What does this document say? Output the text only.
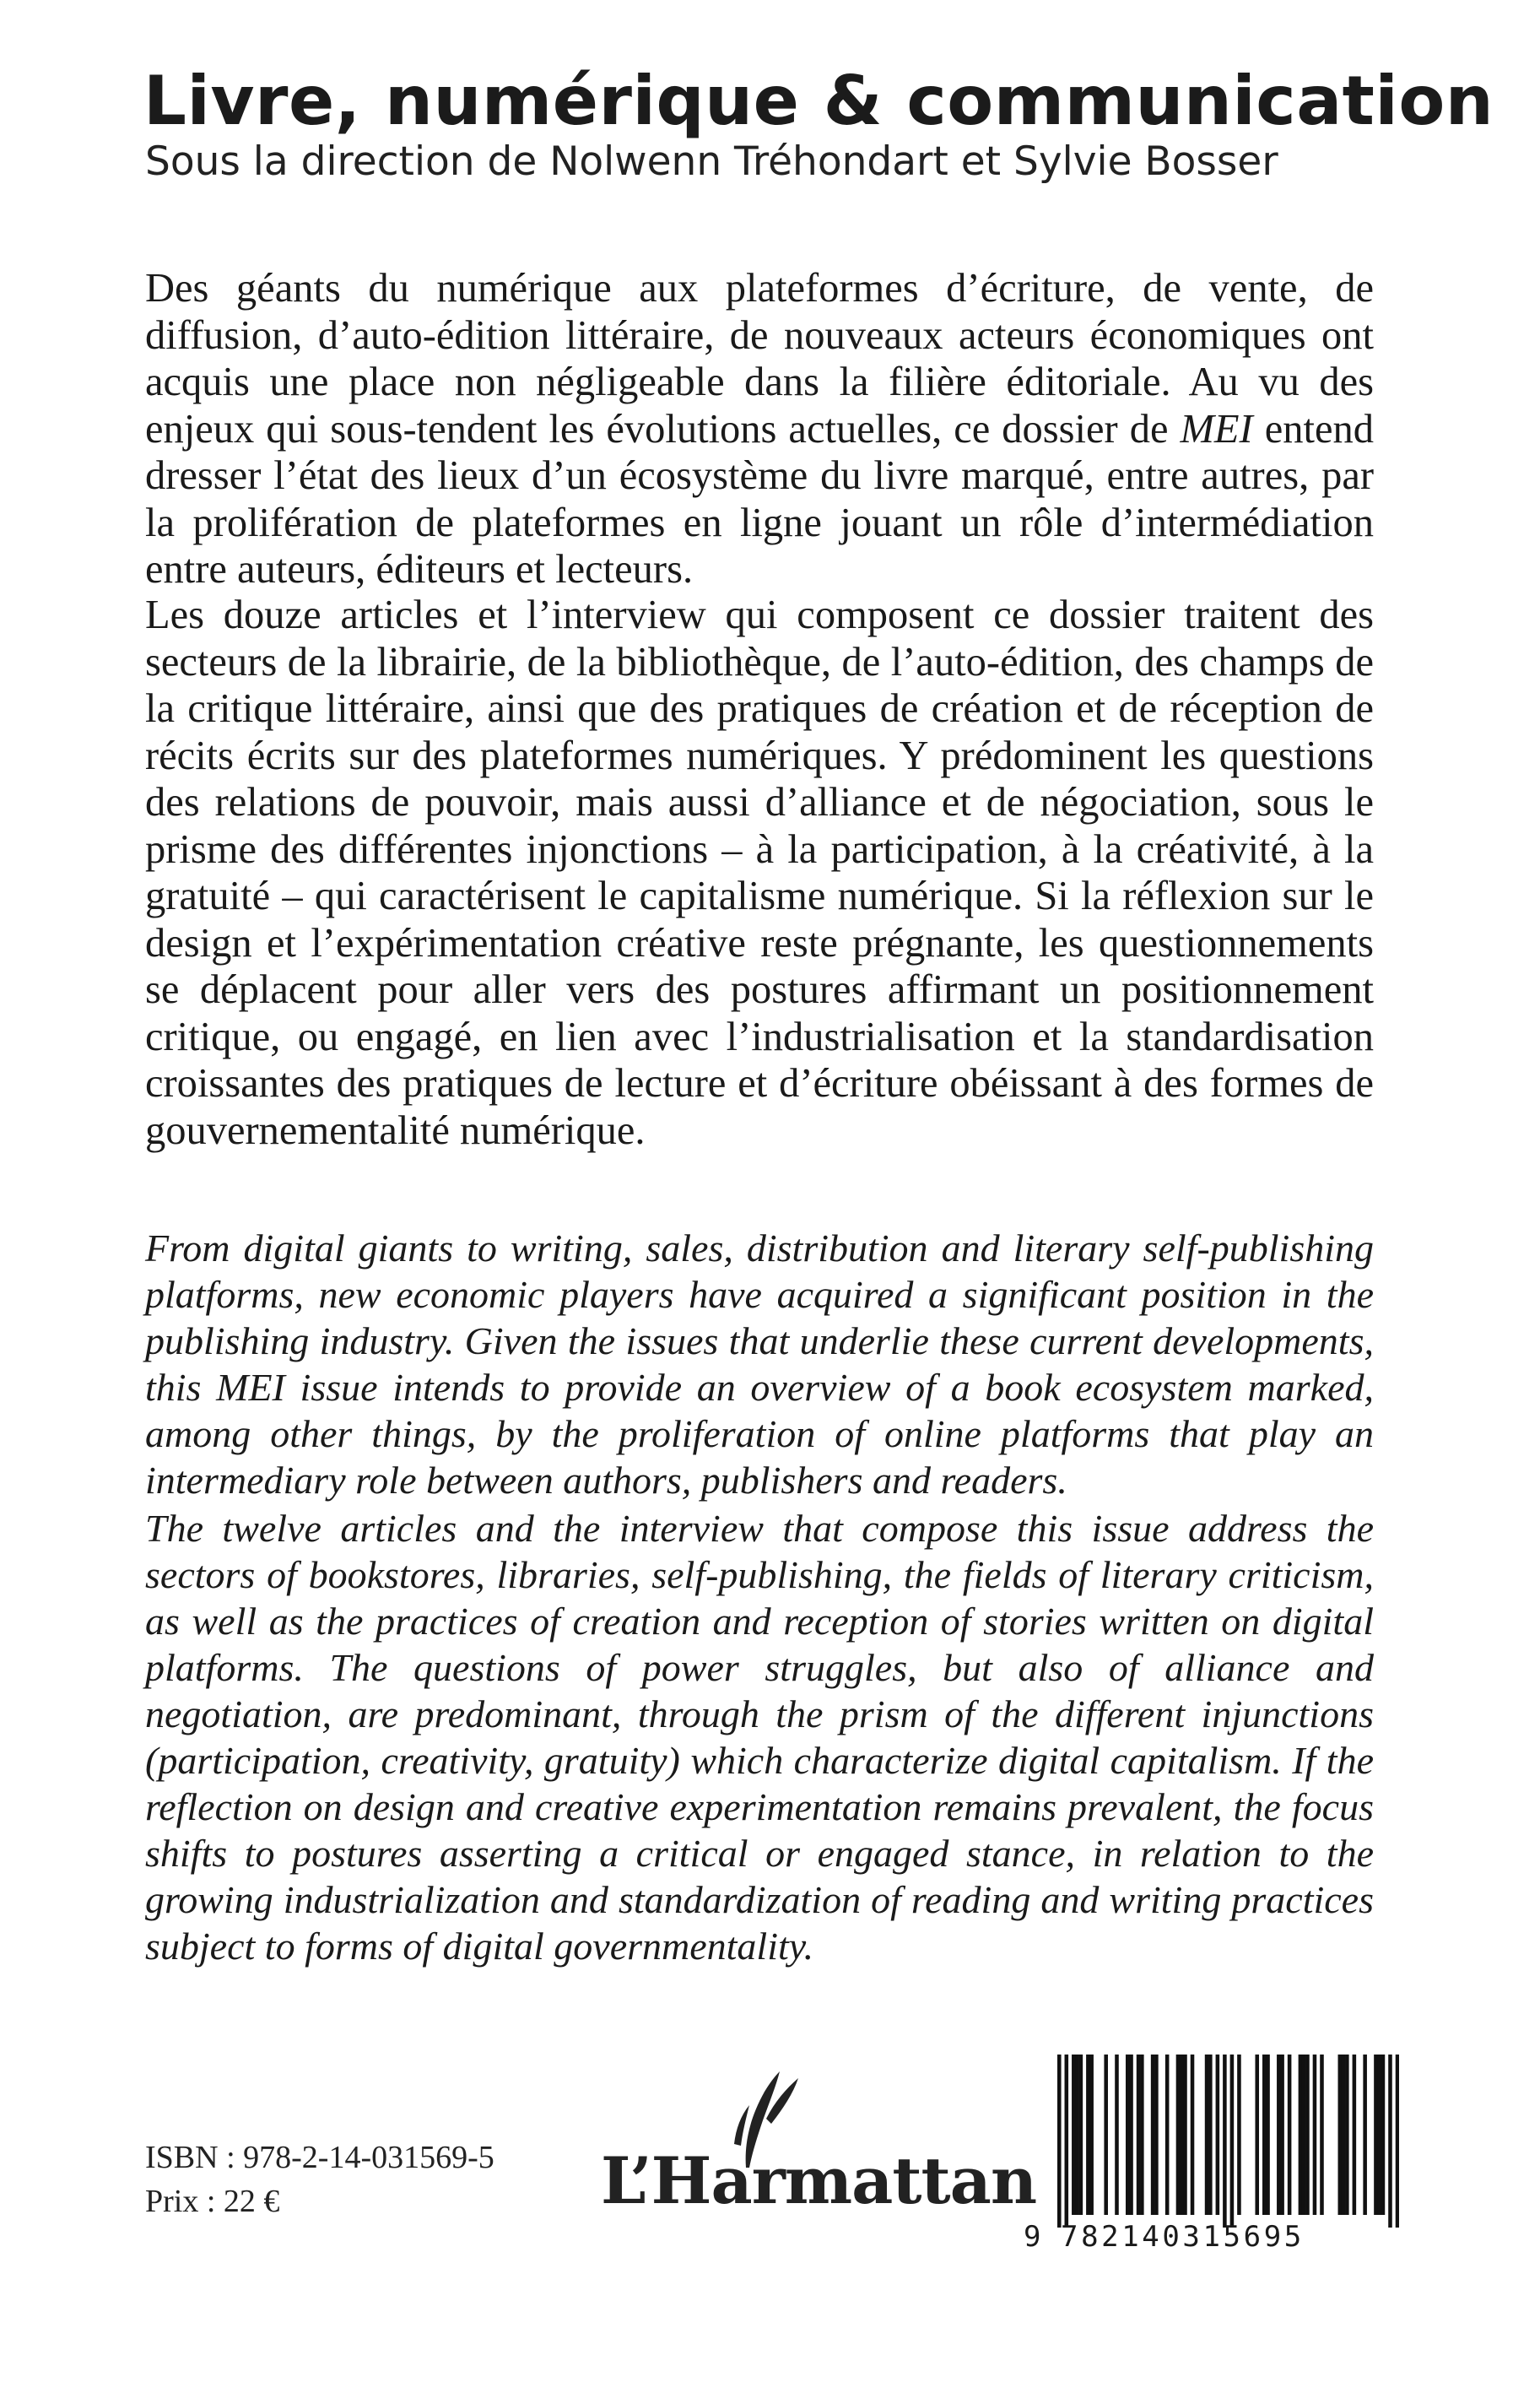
Livre, numérique & communication
Sous la direction de Nolwenn Tréhondart et Sylvie Bosser

Des géants du numérique aux plateformes d’écriture, de vente, de diffusion, d’auto-édition littéraire, de nouveaux acteurs économiques ont acquis une place non négligeable dans la filière éditoriale. Au vu des enjeux qui sous-tendent les évolutions actuelles, ce dossier de MEI entend dresser l’état des lieux d’un écosystème du livre marqué, entre autres, par la prolifération de plateformes en ligne jouant un rôle d’intermédiation entre auteurs, éditeurs et lecteurs.

Les douze articles et l’interview qui composent ce dossier traitent des secteurs de la librairie, de la bibliothèque, de l’auto-édition, des champs de la critique littéraire, ainsi que des pratiques de création et de réception de récits écrits sur des plateformes numériques. Y prédominent les questions des relations de pouvoir, mais aussi d’alliance et de négociation, sous le prisme des différentes injonctions – à la participation, à la créativité, à la gratuité – qui caractérisent le capitalisme numérique. Si la réflexion sur le design et l’expérimentation créative reste prégnante, les questionnements se déplacent pour aller vers des postures affirmant un positionnement critique, ou engagé, en lien avec l’industrialisation et la standardisation croissantes des pratiques de lecture et d’écriture obéissant à des formes de gouvernementalité numérique.

From digital giants to writing, sales, distribution and literary self-publishing platforms, new economic players have acquired a significant position in the publishing industry. Given the issues that underlie these current developments, this MEI issue intends to provide an overview of a book ecosystem marked, among other things, by the proliferation of online platforms that play an intermediary role between authors, publishers and readers.

The twelve articles and the interview that compose this issue address the sectors of bookstores, libraries, self-publishing, the fields of literary criticism, as well as the practices of creation and reception of stories written on digital platforms. The questions of power struggles, but also of alliance and negotiation, are predominant, through the prism of the different injunctions (participation, creativity, gratuity) which characterize digital capitalism. If the reflection on design and creative experimentation remains prevalent, the focus shifts to postures asserting a critical or engaged stance, in relation to the growing industrialization and standardization of reading and writing practices subject to forms of digital governmentality.

ISBN : 978-2-14-031569-5
Prix : 22 €	L’Harmattan
9 782140315695
